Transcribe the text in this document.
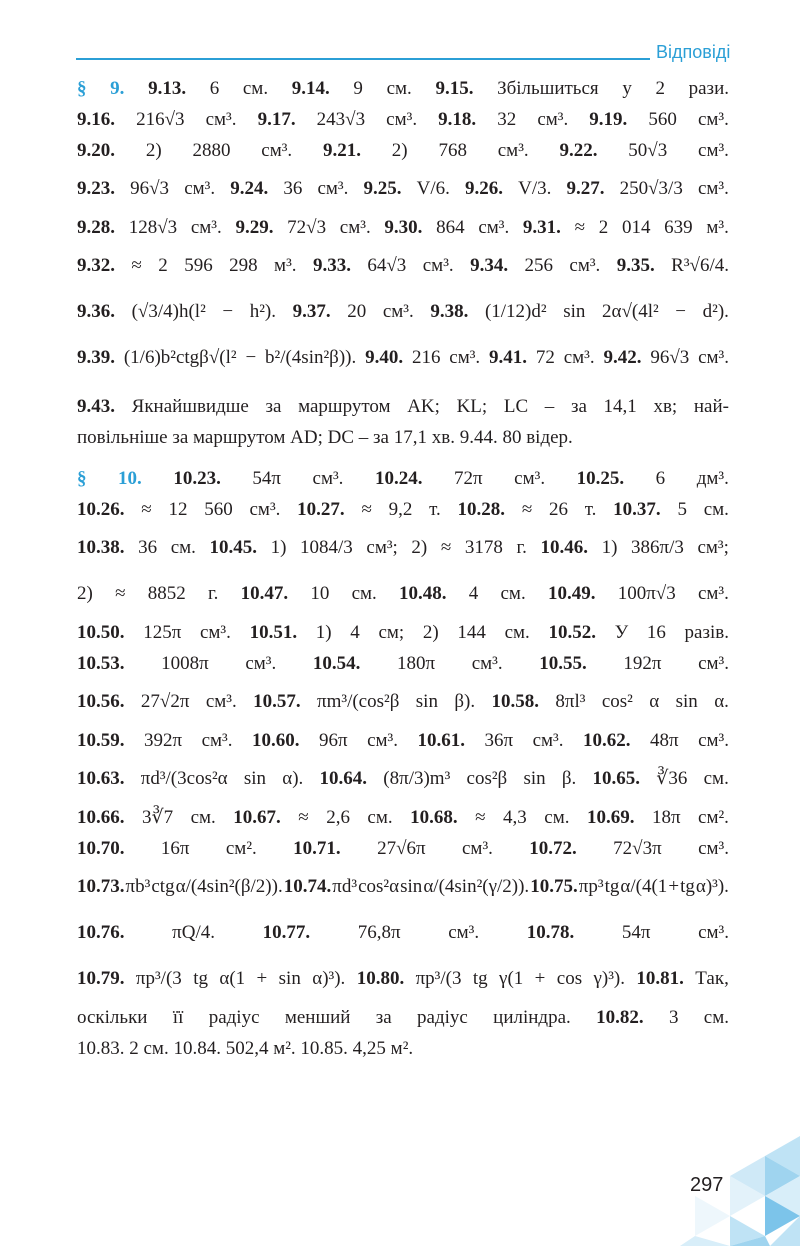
Відповіді
§ 9. 9.13. 6 см. 9.14. 9 см. 9.15. Збільшиться у 2 рази.
9.16. 216√3 см³. 9.17. 243√3 см³. 9.18. 32 см³. 9.19. 560 см³.
9.20. 2) 2880 см³. 9.21. 2) 768 см³. 9.22. 50√3 см³.
9.23. 96√3 см³. 9.24. 36 см³. 9.25. V/6. 9.26. V/3. 9.27. 250√3/3 см³.
9.28. 128√3 см³. 9.29. 72√3 см³. 9.30. 864 см³. 9.31. ≈ 2 014 639 м³.
9.32. ≈ 2 596 298 м³. 9.33. 64√3 см³. 9.34. 256 см³. 9.35. R³√6/4.
9.36. (√3/4)h(l² − h²). 9.37. 20 см³. 9.38. (1/12)d² sin 2α√(4l² − d²).
9.39. (1/6)b²ctgβ√(l² − b²/(4sin²β)). 9.40. 216 см³. 9.41. 72 см³. 9.42. 96√3 см³.
9.43. Якнайшвидше за маршрутом AK; KL; LC – за 14,1 хв; най-
повільніше за маршрутом AD; DC – за 17,1 хв. 9.44. 80 відер.
§ 10. 10.23. 54π см³. 10.24. 72π см³. 10.25. 6 дм³.
10.26. ≈ 12 560 см³. 10.27. ≈ 9,2 т. 10.28. ≈ 26 т. 10.37. 5 см.
10.38. 36 см. 10.45. 1) 1084/3 см³; 2) ≈ 3178 г. 10.46. 1) 386π/3 см³;
2) ≈ 8852 г. 10.47. 10 см. 10.48. 4 см. 10.49. 100π√3 см³.
10.50. 125π см³. 10.51. 1) 4 см; 2) 144 см. 10.52. У 16 разів.
10.53. 1008π см³. 10.54. 180π см³. 10.55. 192π см³.
10.56. 27√2π см³. 10.57. πm³/(cos²β sin β). 10.58. 8πl³ cos² α sin α.
10.59. 392π см³. 10.60. 96π см³. 10.61. 36π см³. 10.62. 48π см³.
10.63. πd³/(3cos²α sin α). 10.64. (8π/3)m³ cos²β sin β. 10.65. ∛36 см.
10.66. 3∛7 см. 10.67. ≈ 2,6 см. 10.68. ≈ 4,3 см. 10.69. 18π см².
10.70. 16π см². 10.71. 27√6π см³. 10.72. 72√3π см³.
10.73. πb³ ctg α/(4sin²(β/2)). 10.74. πd³ cos²α sin α/(4sin²(γ/2)). 10.75. πp³ tg α/(4(1 + tg α)³).
10.76.	πQ/4.	10.77.	76,8π	см³.	10.78.	54π	см³.
10.79. πp³/(3 tg α(1 + sin α)³). 10.80. πp³/(3 tg γ(1 + cos γ)³). 10.81. Так,
оскільки її радіус менший за радіус циліндра. 10.82. 3 см.
10.83. 2 см. 10.84. 502,4 м². 10.85. 4,25 м².
297
